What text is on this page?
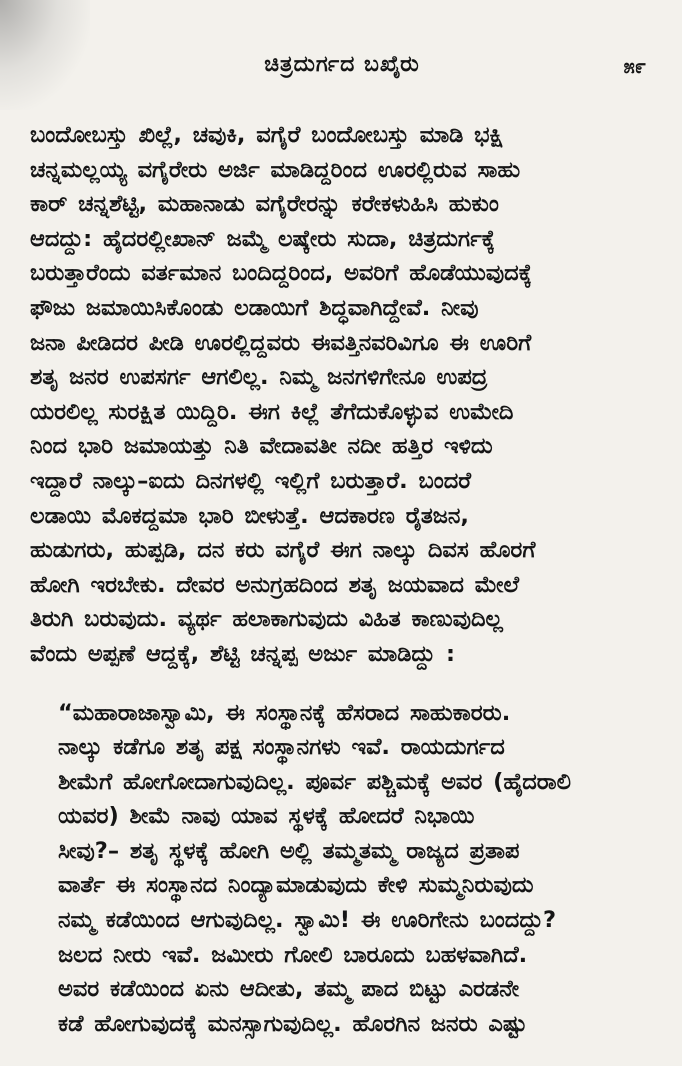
ಚಿತ್ರದುರ್ಗದ ಬಖೈರು	೫೯

ಬಂದೋಬಸ್ತು ಖಿಲ್ಲೆ, ಚವುಕಿ, ವಗೈರೆ ಬಂದೋಬಸ್ತು ಮಾಡಿ ಭಕ್ಷಿ
ಚನ್ನಮಲ್ಲಯ್ಯ ವಗೈರೇರು ಅರ್ಜಿ ಮಾಡಿದ್ದರಿಂದ ಊರಲ್ಲಿರುವ ಸಾಹು
ಕಾರ್ ಚನ್ನಶೆಟ್ಟಿ, ಮಹಾನಾಡು ವಗೈರೇರನ್ನು ಕರೇಕಳುಹಿಸಿ ಹುಕುಂ
ಆದದ್ದು: ಹೈದರಲ್ಲೀಖಾನ್ ಜಮ್ಮೆ ಲಷ್ಕೇರು ಸುದಾ, ಚಿತ್ರದುರ್ಗಕ್ಕೆ
ಬರುತ್ತಾರೆಂದು ವರ್ತಮಾನ ಬಂದಿದ್ದರಿಂದ, ಅವರಿಗೆ ಹೊಡೆಯುವುದಕ್ಕೆ
ಫೌಜು ಜಮಾಯಿಸಿಕೊಂಡು ಲಡಾಯಿಗೆ ಶಿದ್ಧವಾಗಿದ್ದೇವೆ. ನೀವು
ಜನಾ ಪೀಡಿದರ ಪೀಡಿ ಊರಲ್ಲಿದ್ದವರು ಈವತ್ತಿನವರಿವಿಗೂ ಈ ಊರಿಗೆ
ಶತೃ ಜನರ ಉಪಸರ್ಗ ಆಗಲಿಲ್ಲ. ನಿಮ್ಮ ಜನಗಳಿಗೇನೂ ಉಪದ್ರ
ಯರಲಿಲ್ಲ ಸುರಕ್ಷಿತ ಯಿದ್ದಿರಿ. ಈಗ ಕಿಲ್ಲೆ ತೆಗೆದುಕೊಳ್ಳುವ ಉಮೇದಿ
ನಿಂದ ಭಾರಿ ಜಮಾಯತ್ತು ನಿತಿ ವೇದಾವತೀ ನದೀ ಹತ್ತಿರ ಇಳಿದು
ಇದ್ದಾರೆ ನಾಲ್ಕು–ಐದು ದಿನಗಳಲ್ಲಿ ಇಲ್ಲಿಗೆ ಬರುತ್ತಾರೆ. ಬಂದರೆ
ಲಡಾಯಿ ಮೊಕದ್ದಮಾ ಭಾರಿ ಬೀಳುತ್ತೆ. ಆದಕಾರಣ ರೈತಜನ,
ಹುಡುಗರು, ಹುಪ್ಪಡಿ, ದನ ಕರು ವಗೈರೆ ಈಗ ನಾಲ್ಕು ದಿವಸ ಹೊರಗೆ
ಹೋಗಿ ಇರಬೇಕು. ದೇವರ ಅನುಗ್ರಹದಿಂದ ಶತೃ ಜಯವಾದ ಮೇಲೆ
ತಿರುಗಿ ಬರುವುದು. ವ್ಯರ್ಥ ಹಲಾಕಾಗುವುದು ವಿಹಿತ ಕಾಣುವುದಿಲ್ಲ
ವೆಂದು ಅಪ್ಪಣೆ ಆದ್ದಕ್ಕೆ, ಶೆಟ್ಟಿ ಚನ್ನಪ್ಪ ಅರ್ಜು ಮಾಡಿದ್ದು :

“ಮಹಾರಾಜಾಸ್ವಾಮಿ, ಈ ಸಂಸ್ಥಾನಕ್ಕೆ ಹೆಸರಾದ ಸಾಹುಕಾರರು.
ನಾಲ್ಕು ಕಡೆಗೂ ಶತೃ ಪಕ್ಷ ಸಂಸ್ಥಾನಗಳು ಇವೆ. ರಾಯದುರ್ಗದ
ಶೀಮೆಗೆ ಹೋಗೋದಾಗುವುದಿಲ್ಲ. ಪೂರ್ವ ಪಶ್ಚಿಮಕ್ಕೆ ಅವರ (ಹೈದರಾಲಿ
ಯವರ) ಶೀಮೆ ನಾವು ಯಾವ ಸ್ಥಳಕ್ಕೆ ಹೋದರೆ ನಿಭಾಯಿ
ಸೀವು?– ಶತೃ ಸ್ಥಳಕ್ಕೆ ಹೋಗಿ ಅಲ್ಲಿ ತಮ್ಮತಮ್ಮ ರಾಜ್ಯದ ಪ್ರತಾಪ
ವಾರ್ತೆ ಈ ಸಂಸ್ಥಾನದ ನಿಂದ್ಯಾಮಾಡುವುದು ಕೇಳಿ ಸುಮ್ಮನಿರುವುದು
ನಮ್ಮ ಕಡೆಯಿಂದ ಆಗುವುದಿಲ್ಲ. ಸ್ವಾಮಿ! ಈ ಊರಿಗೇನು ಬಂದದ್ದು?
ಜಲದ ನೀರು ಇವೆ. ಜಮೀರು ಗೋಲಿ ಬಾರೂದು ಬಹಳವಾಗಿದೆ.
ಅವರ ಕಡೆಯಿಂದ ಏನು ಆದೀತು, ತಮ್ಮ ಪಾದ ಬಿಟ್ಟು ಎರಡನೇ
ಕಡೆ ಹೋಗುವುದಕ್ಕೆ ಮನಸ್ಸಾಗುವುದಿಲ್ಲ. ಹೊರಗಿನ ಜನರು ಎಷ್ಟು
